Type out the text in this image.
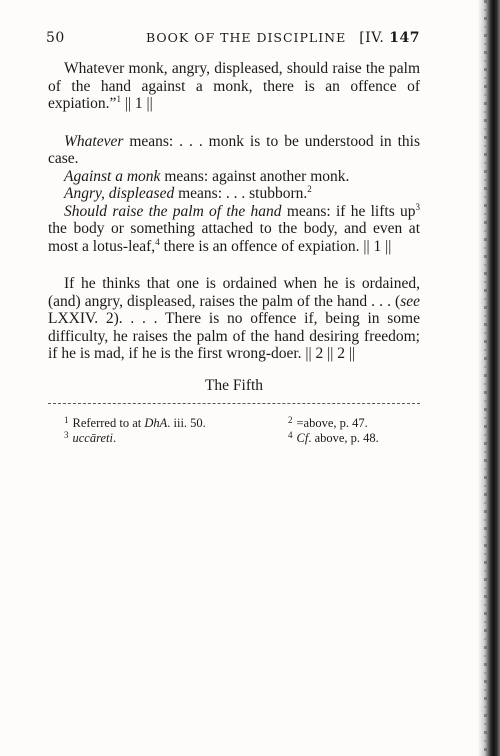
50	BOOK OF THE DISCIPLINE [IV. 147

Whatever monk, angry, displeased, should raise the palm of the hand against a monk, there is an offence of expiation.”$^1$ || 1 ||

Whatever means: . . . monk is to be understood in this case.

Against a monk means: against another monk.

Angry, displeased means: . . . stubborn.$^2$

Should raise the palm of the hand means: if he lifts $up^3$ the body or something attached to the body, and even at most a lotus-leaf,$^4$ there is an offence of expiation. || 1 ||

If he thinks that one is ordained when he is ordained, (and) angry, displeased, raises the palm of the hand . . . (see LXXIV. 2). . . . There is no offence if, being in some difficulty, he raises the palm of the hand desiring freedom; if he is mad, if he is the first wrong-doer. || 2 || 2 ||

The Fifth
$^1$ Referred to at DhA. iii. 50.	$^2$ =above, p. 47.
$^3$ uccāreti.	$^4$ Cf. above, p. 48.
